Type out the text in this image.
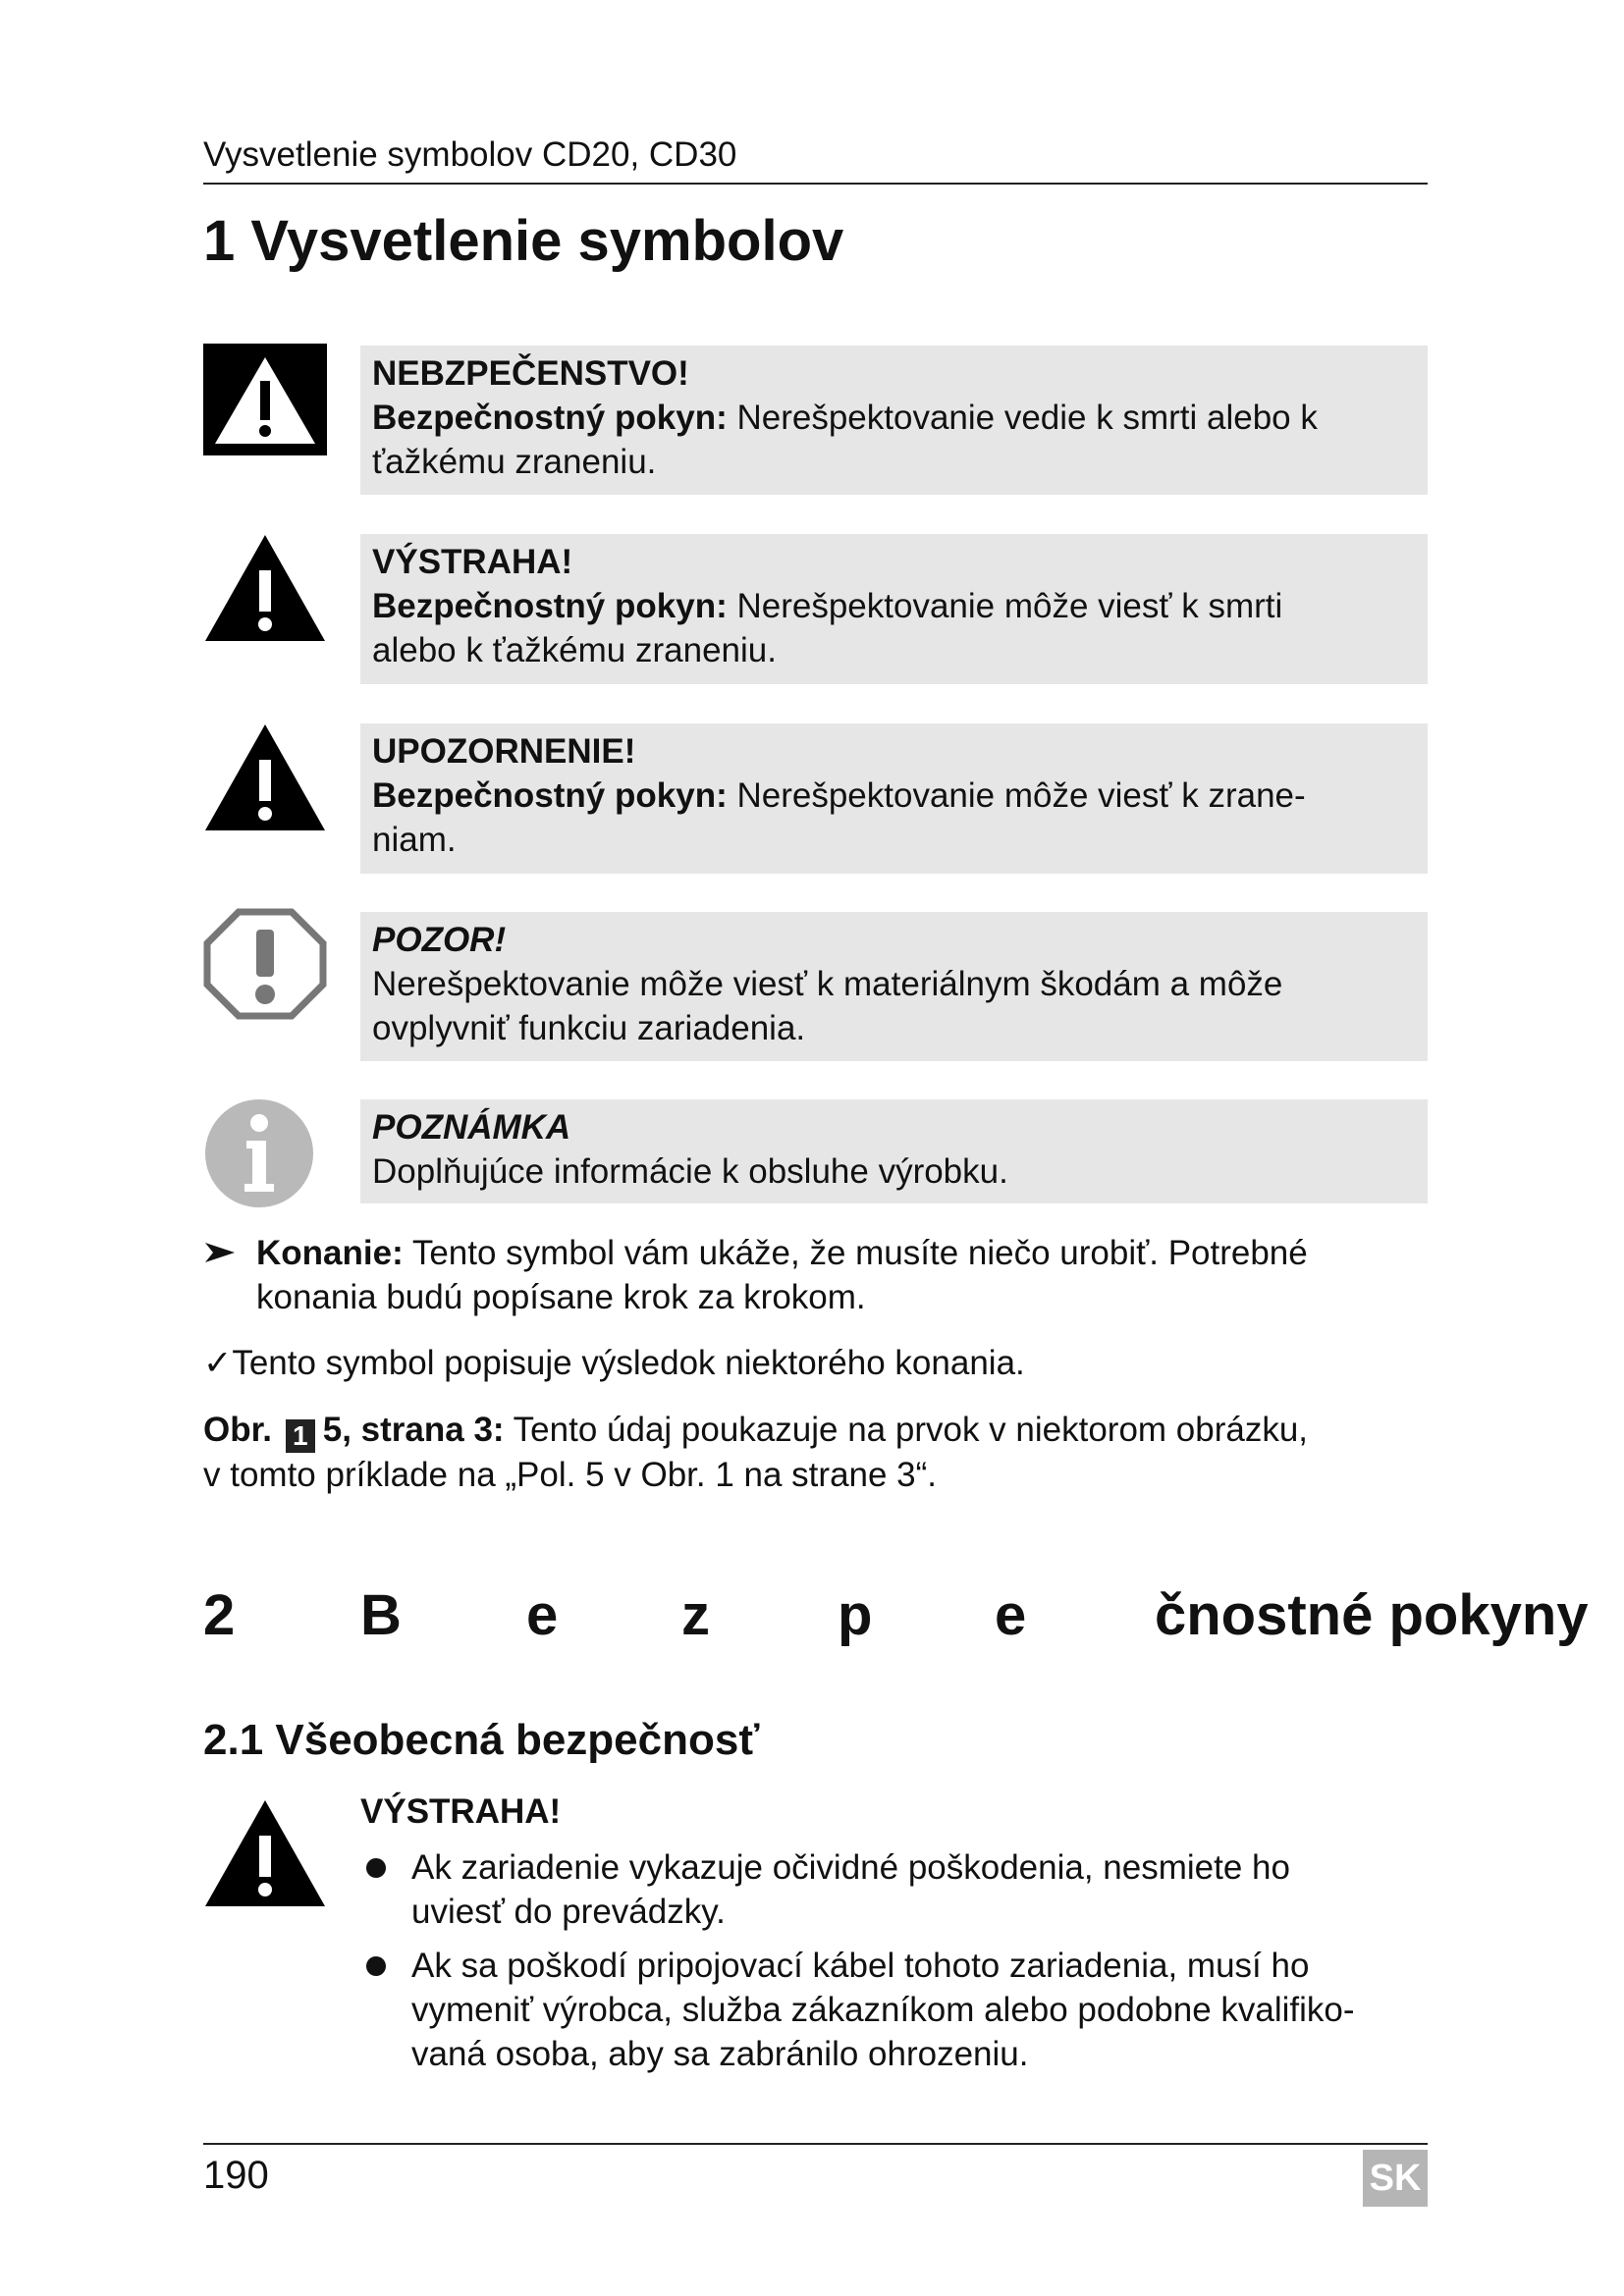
Vysvetlenie symbolov CD20, CD30
1 Vysvetlenie symbolov
NEBZPEČENSTVO!
Bezpečnostný pokyn: Nerešpektovanie vedie k smrti alebo k
ťažkému zraneniu.
VÝSTRAHA!
Bezpečnostný pokyn: Nerešpektovanie môže viesť k smrti
alebo k ťažkému zraneniu.
UPOZORNENIE!
Bezpečnostný pokyn: Nerešpektovanie môže viesť k zrane-
niam.
POZOR!
Nerešpektovanie môže viesť k materiálnym škodám a môže
ovplyvniť funkciu zariadenia.
POZNÁMKA
Doplňujúce informácie k obsluhe výrobku.
Konanie: Tento symbol vám ukáže, že musíte niečo urobiť. Potrebné
konania budú popísane krok za krokom.
✓Tento symbol popisuje výsledok niektorého konania.
Obr. 1 5, strana 3: Tento údaj poukazuje na prvok v niektorom obrázku,
v tomto príklade na „Pol. 5 v Obr. 1 na strane 3“.
2 B e z p e čnostné pokyny
2.1 Všeobecná bezpečnosť
VÝSTRAHA!
Ak zariadenie vykazuje očividné poškodenia, nesmiete ho
uviesť do prevádzky.
Ak sa poškodí pripojovací kábel tohoto zariadenia, musí ho
vymeniť výrobca, služba zákazníkom alebo podobne kvalifiko-
vaná osoba, aby sa zabránilo ohrozeniu.
190	SK
